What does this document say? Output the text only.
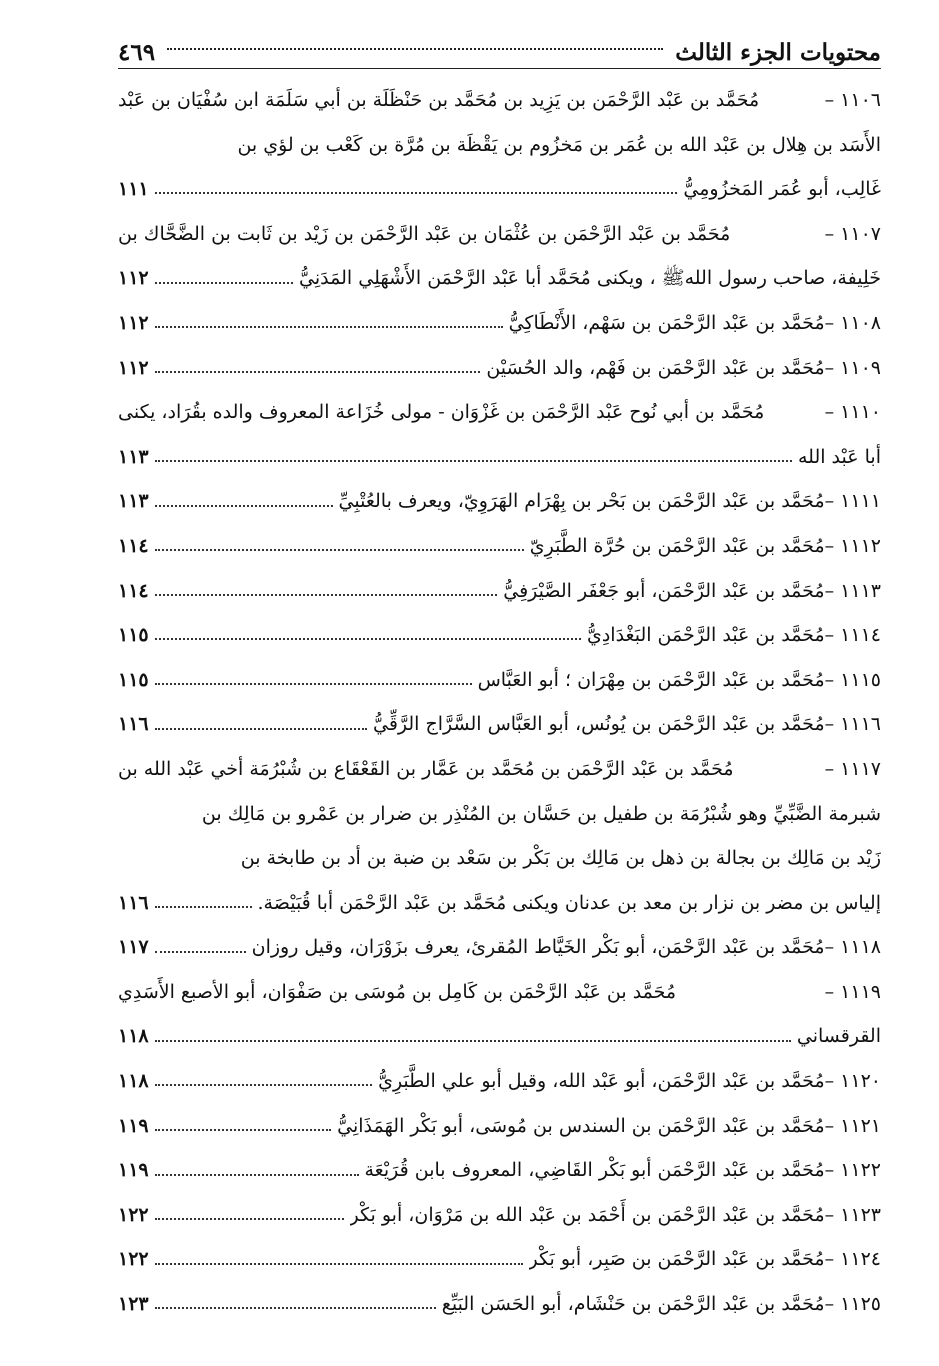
محتويات الجزء الثالث
٤٦٩
١١٠٦ –
مُحَمَّد بن عَبْد الرَّحْمَن بن يَزِيد بن مُحَمَّد بن حَنْظَلَة بن أبي سَلَمَة ابن سُفْيَان بن عَبْد
الأَسَد بن هِلال بن عَبْد الله بن عُمَر بن مَخزُوم بن يَقْظَة بن مُرَّة بن كَعْب بن لؤي بن
غَالِب، أبو عُمَر المَخزُومِيُّ
١١١
١١٠٧ –
مُحَمَّد بن عَبْد الرَّحْمَن بن عُثْمَان بن عَبْد الرَّحْمَن بن زَيْد بن ثَابت بن الضَّحَّاك بن
خَلِيفة، صاحب رسول اللهﷺ ، ويكنى مُحَمَّد أبا عَبْد الرَّحْمَن الأَشْهَلِي المَدَنِيُّ
١١٢
١١٠٨ –
مُحَمَّد بن عَبْد الرَّحْمَن بن سَهْم، الأَنْطَاكِيُّ
١١٢
١١٠٩ –
مُحَمَّد بن عَبْد الرَّحْمَن بن فَهْم، والد الحُسَيْن
١١٢
١١١٠ –
مُحَمَّد بن أبي نُوح عَبْد الرَّحْمَن بن غَزْوَان - مولى خُزَاعة المعروف والده بقُرَاد، يكنى
أبا عَبْد الله
١١٣
١١١١ –
مُحَمَّد بن عَبْد الرَّحْمَن بن بَحْر بن بِهْرَام الهَرَوِيّ، ويعرف بالعُتْبِيِّ
١١٣
١١١٢ –
مُحَمَّد بن عَبْد الرَّحْمَن بن حُرَّة الطَّبَرِيّ
١١٤
١١١٣ –
مُحَمَّد بن عَبْد الرَّحْمَن، أبو جَعْفَر الصَّيْرَفِيُّ
١١٤
١١١٤ –
مُحَمَّد بن عَبْد الرَّحْمَن البَغْدَادِيُّ
١١٥
١١١٥ –
مُحَمَّد بن عَبْد الرَّحْمَن بن مِهْرَان ؛ أبو العَبَّاس
١١٥
١١١٦ –
مُحَمَّد بن عَبْد الرَّحْمَن بن يُونُس، أبو العَبَّاس السَّرَّاج الرَّقِّيُّ
١١٦
١١١٧ –
مُحَمَّد بن عَبْد الرَّحْمَن بن مُحَمَّد بن عَمَّار بن القَعْقَاع بن شُبْرُمَة أخي عَبْد الله بن
شبرمة الضَّبِّيِّ وهو شُبْرُمَة بن طفيل بن حَسَّان بن المُنْذِر بن ضرار بن عَمْرو بن مَالِك بن
زَيْد بن مَالِك بن بجالة بن ذهل بن مَالِك بن بَكْر بن سَعْد بن ضبة بن أد بن طابخة بن
إلياس بن مضر بن نزار بن معد بن عدنان ويكنى مُحَمَّد بن عَبْد الرَّحْمَن أبا قُبَيْصَة.
١١٦
١١١٨ –
مُحَمَّد بن عَبْد الرَّحْمَن، أبو بَكْر الخَيَّاط المُقرئ، يعرف بزَوْرَان، وقيل روزان
١١٧
١١١٩ –
مُحَمَّد بن عَبْد الرَّحْمَن بن كَامِل بن مُوسَى بن صَفْوَان، أبو الأصبع الأَسَدِي
القرقساني
١١٨
١١٢٠ –
مُحَمَّد بن عَبْد الرَّحْمَن، أبو عَبْد الله، وقيل أبو علي الطَّبَرِيُّ
١١٨
١١٢١ –
مُحَمَّد بن عَبْد الرَّحْمَن بن السندس بن مُوسَى، أبو بَكْر الهَمَذَانِيُّ
١١٩
١١٢٢ –
مُحَمَّد بن عَبْد الرَّحْمَن أبو بَكْر القَاضِي، المعروف بابن قُرَيْعَة
١١٩
١١٢٣ –
مُحَمَّد بن عَبْد الرَّحْمَن بن أَحْمَد بن عَبْد الله بن مَرْوَان، أبو بَكْر
١٢٢
١١٢٤ –
مُحَمَّد بن عَبْد الرَّحْمَن بن صَبِر، أبو بَكْر
١٢٢
١١٢٥ –
مُحَمَّد بن عَبْد الرَّحْمَن بن حَنْشَام، أبو الحَسَن البَيِّع
١٢٣
